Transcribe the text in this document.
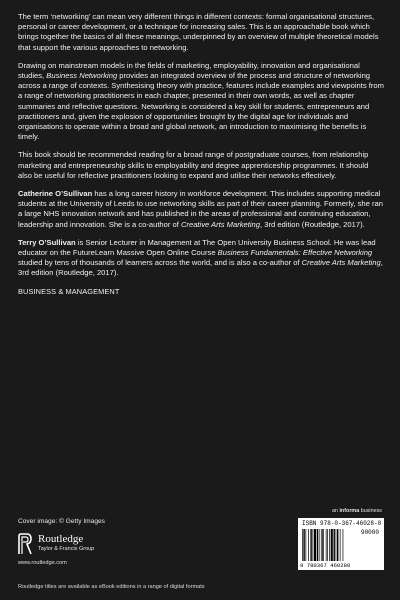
The term ‘networking’ can mean very different things in different contexts: formal organisational structures, personal or career development, or a technique for increasing sales. This is an approachable book which brings together the basics of all these meanings, underpinned by an overview of multiple theoretical models that support the various approaches to networking.

Drawing on mainstream models in the fields of marketing, employability, innovation and organisational studies, Business Networking provides an integrated overview of the process and structure of networking across a range of contexts. Synthesising theory with practice, features include examples and viewpoints from a range of networking practitioners in each chapter, presented in their own words, as well as chapter summaries and reflective questions. Networking is considered a key skill for students, entrepreneurs and practitioners and, given the explosion of opportunities brought by the digital age for individuals and organisations to operate within a broad and global network, an introduction to maximising the benefits is timely.

This book should be recommended reading for a broad range of postgraduate courses, from relationship marketing and entrepreneurship skills to employability and degree apprenticeship programmes. It should also be useful for reflective practitioners looking to expand and utilise their networks effectively.

Catherine O’Sullivan has a long career history in workforce development. This includes supporting medical students at the University of Leeds to use networking skills as part of their career planning. Formerly, she ran a large NHS innovation network and has published in the areas of professional and continuing education, leadership and innovation. She is a co-author of Creative Arts Marketing, 3rd edition (Routledge, 2017).

Terry O’Sullivan is Senior Lecturer in Management at The Open University Business School. He was lead educator on the FutureLearn Massive Open Online Course Business Fundamentals: Effective Networking studied by tens of thousands of learners across the world, and is also a co-author of Creative Arts Marketing, 3rd edition (Routledge, 2017).

BUSINESS & MANAGEMENT

an informa business
Cover image: © Getty Images
Routledge
Taylor & Francis Group
www.routledge.com
Routledge titles are available as eBook editions in a range of digital formats
ISBN 978-0-367-46028-0
90000
9 780367 460280
